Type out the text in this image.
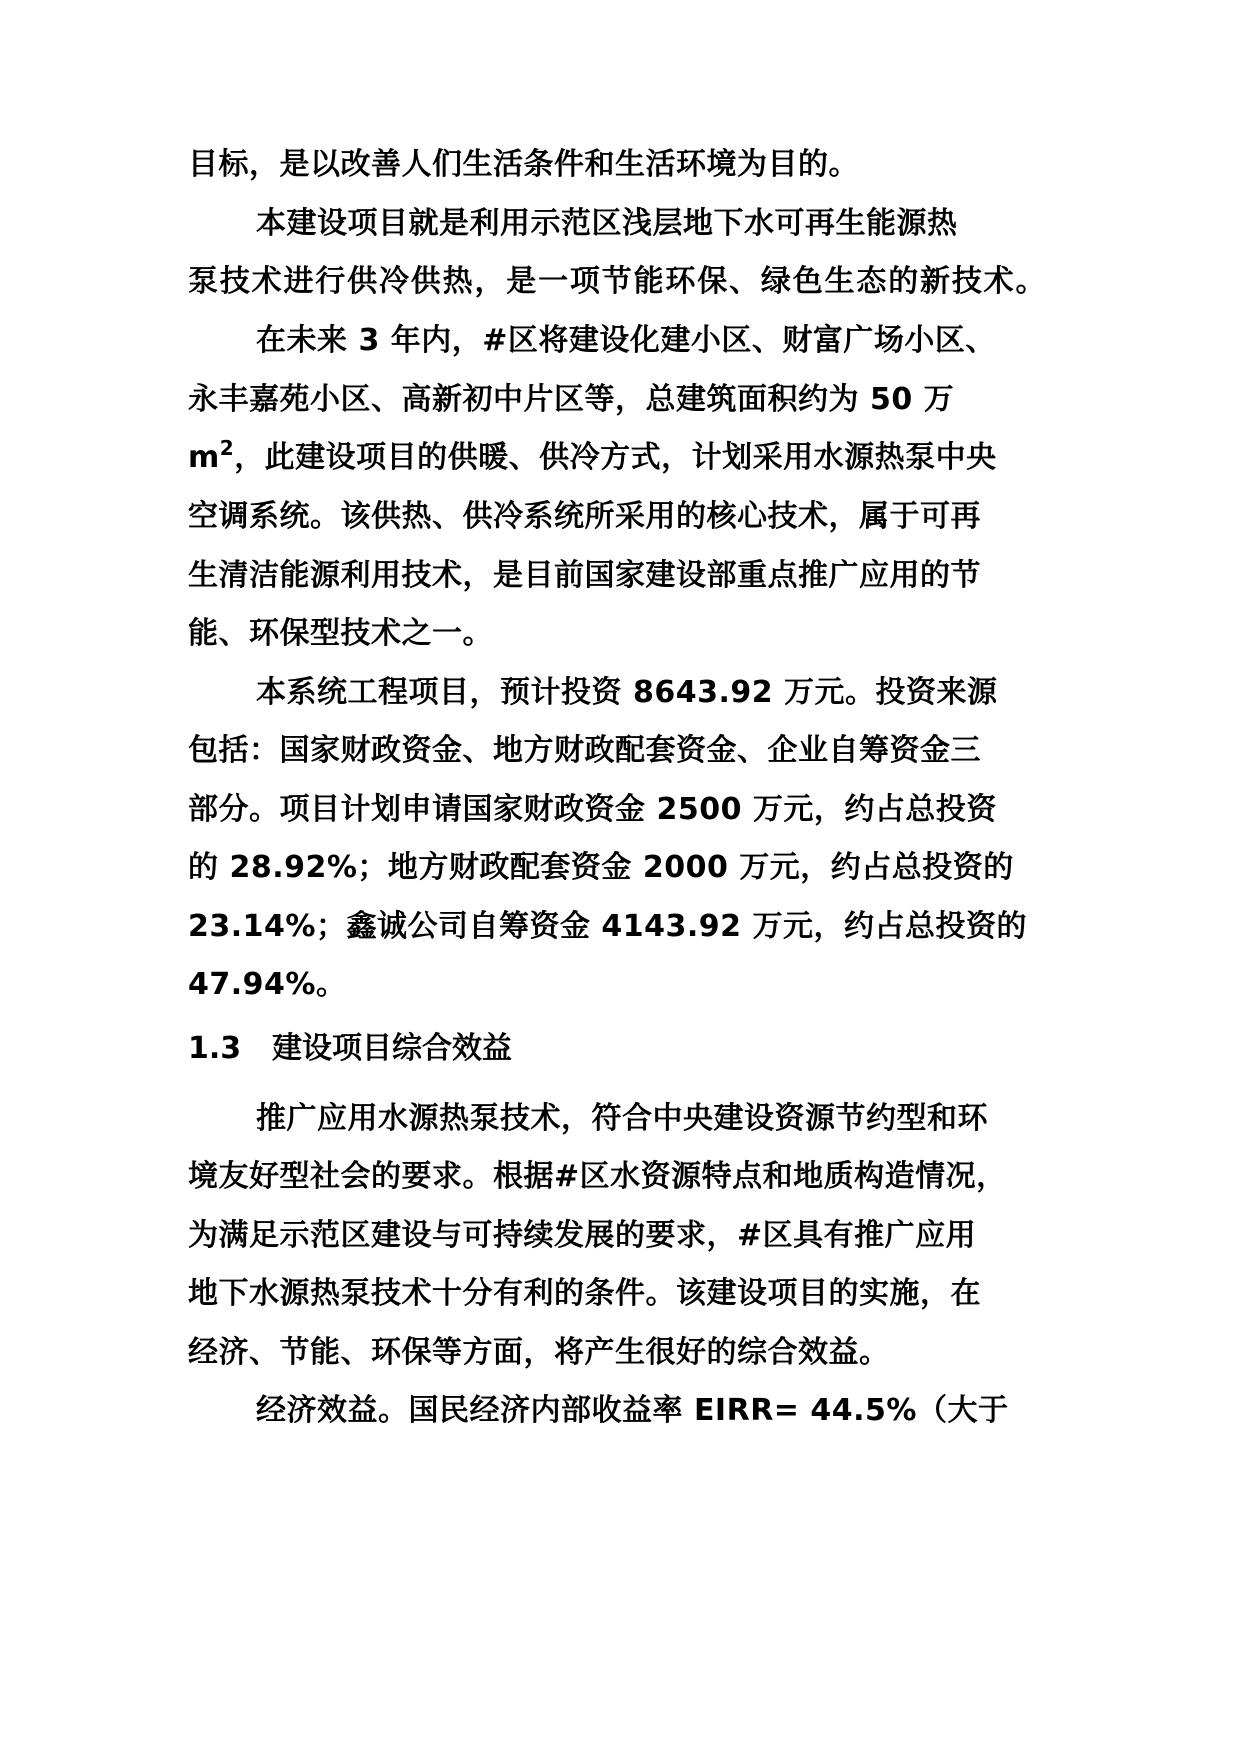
目标，是以改善人们生活条件和生活环境为目的。
本建设项目就是利用示范区浅层地下水可再生能源热
泵技术进行供冷供热，是一项节能环保、绿色生态的新技术。
在未来 3 年内，#区将建设化建小区、财富广场小区、
永丰嘉苑小区、高新初中片区等，总建筑面积约为 50 万
$m^2$，此建设项目的供暖、供冷方式，计划采用水源热泵中央
空调系统。该供热、供冷系统所采用的核心技术，属于可再
生清洁能源利用技术，是目前国家建设部重点推广应用的节
能、环保型技术之一。
本系统工程项目，预计投资 8643.92 万元。投资来源
包括：国家财政资金、地方财政配套资金、企业自筹资金三
部分。项目计划申请国家财政资金 2500 万元，约占总投资
的 28.92%；地方财政配套资金 2000 万元，约占总投资的
23.14%；鑫诚公司自筹资金 4143.92 万元，约占总投资的
47.94%。
1.3 建设项目综合效益
推广应用水源热泵技术，符合中央建设资源节约型和环
境友好型社会的要求。根据#区水资源特点和地质构造情况，
为满足示范区建设与可持续发展的要求，#区具有推广应用
地下水源热泵技术十分有利的条件。该建设项目的实施，在
经济、节能、环保等方面，将产生很好的综合效益。
经济效益。国民经济内部收益率 EIRR= 44.5%（大于
